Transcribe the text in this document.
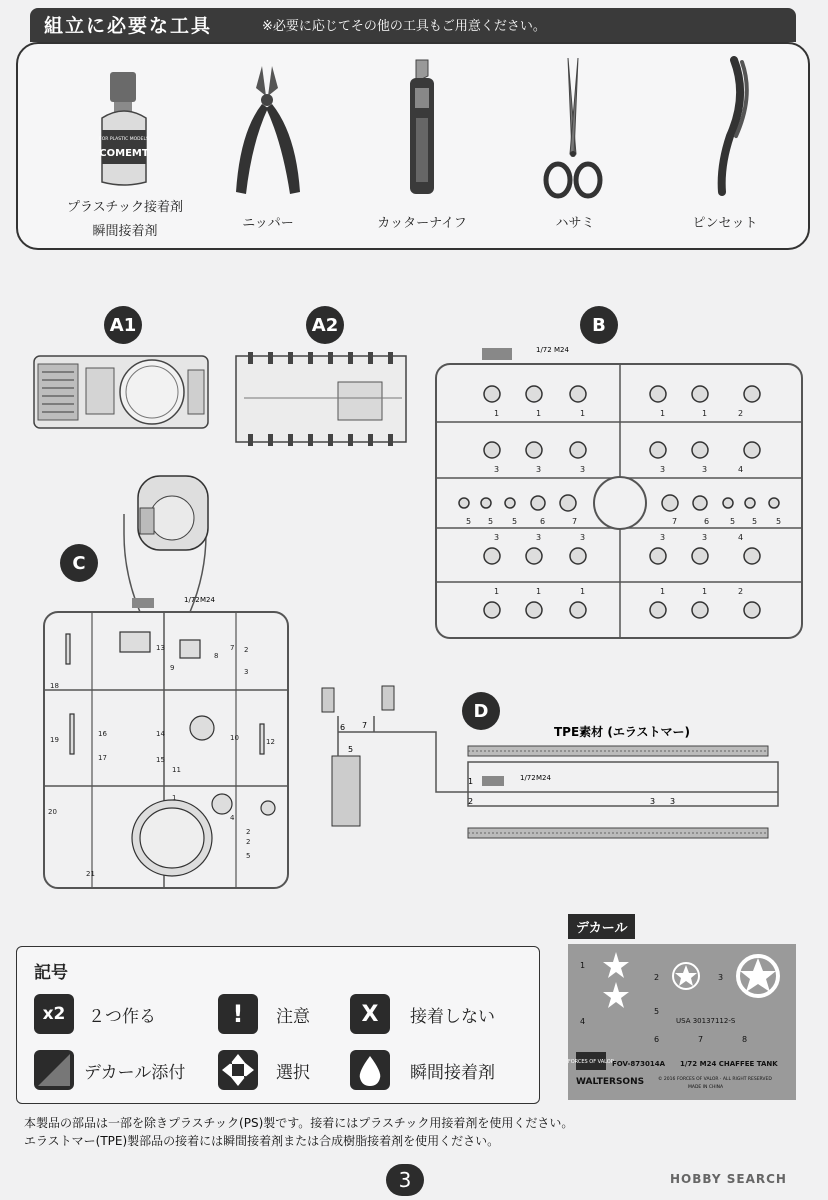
組立に必要な工具	※必要に応じてその他の工具もご用意ください。
FOR PLASTIC MODELS
COMEMT
プラスチック接着剤
瞬間接着剤
ニッパー	カッターナイフ	ハサミ	ピンセット
A1	A2	B
C
D
1/72 M24
1	1	1	1	1	2
3	3	3	3	3	4
5 5 5	6	7	7	6	5 5 5
3	3	3	3	3	4
1	1	1	1	1	2
1/72 M24
13
9
8
7 2
3
18
19
16	14
17	15
11
10	12
20
1
21
4
2
2
5
6 7
5
TPE素材 (エラストマー)
1/72 M24
1
2	3 3
記号
x2	２つ作る	!	注意	X	接着しない
デカール添付	選択	瞬間接着剤
デカール
1
2	3
4
5
6	7	8
USA 30137112-S
FORCES OF VALOR
FOV-873014A 1/72 M24 CHAFFEE TANK
WALTERSONS	© 2016 FORCES OF VALOR · ALL RIGHT RESERVED
MADE IN CHINA
本製品の部品は一部を除きプラスチック(PS)製です。接着にはプラスチック用接着剤を使用ください。
エラストマー(TPE)製部品の接着には瞬間接着剤または合成樹脂接着剤を使用ください。
3	HOBBY SEARCH
